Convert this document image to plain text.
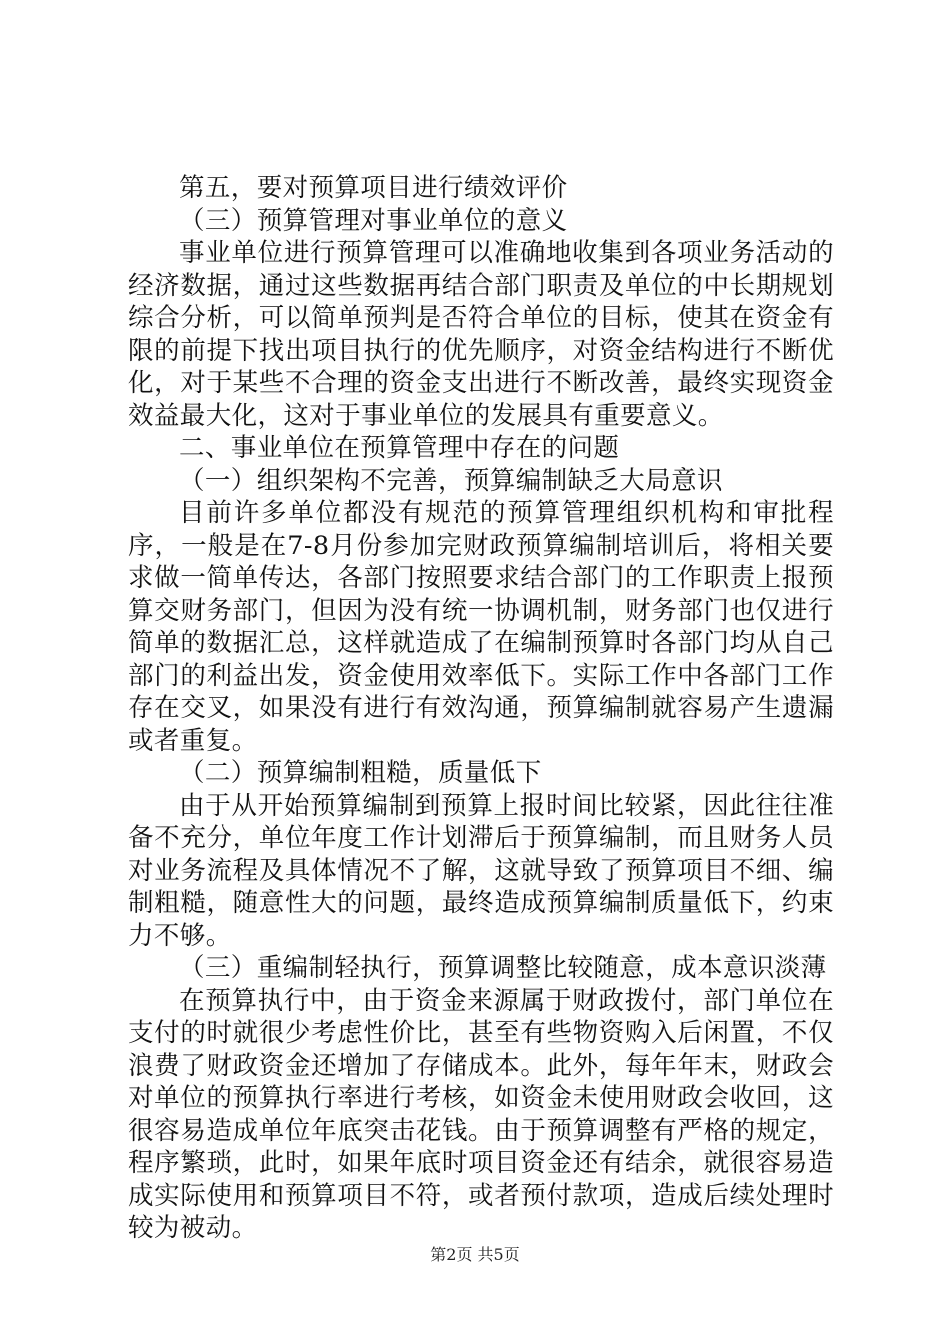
第五，要对预算项目进行绩效评价

（三）预算管理对事业单位的意义

事业单位进行预算管理可以准确地收集到各项业务活动的经济数据，通过这些数据再结合部门职责及单位的中长期规划综合分析，可以简单预判是否符合单位的目标，使其在资金有限的前提下找出项目执行的优先顺序，对资金结构进行不断优化，对于某些不合理的资金支出进行不断改善，最终实现资金效益最大化，这对于事业单位的发展具有重要意义。

二、事业单位在预算管理中存在的问题

（一）组织架构不完善，预算编制缺乏大局意识

目前许多单位都没有规范的预算管理组织机构和审批程序，一般是在7-8月份参加完财政预算编制培训后，将相关要求做一简单传达，各部门按照要求结合部门的工作职责上报预算交财务部门，但因为没有统一协调机制，财务部门也仅进行简单的数据汇总，这样就造成了在编制预算时各部门均从自己部门的利益出发，资金使用效率低下。实际工作中各部门工作存在交叉，如果没有进行有效沟通，预算编制就容易产生遗漏或者重复。

（二）预算编制粗糙，质量低下

由于从开始预算编制到预算上报时间比较紧，因此往往准备不充分，单位年度工作计划滞后于预算编制，而且财务人员对业务流程及具体情况不了解，这就导致了预算项目不细、编制粗糙，随意性大的问题，最终造成预算编制质量低下，约束力不够。

（三）重编制轻执行，预算调整比较随意，成本意识淡薄

在预算执行中，由于资金来源属于财政拨付，部门单位在支付的时就很少考虑性价比，甚至有些物资购入后闲置，不仅浪费了财政资金还增加了存储成本。此外，每年年末，财政会对单位的预算执行率进行考核，如资金未使用财政会收回，这很容易造成单位年底突击花钱。由于预算调整有严格的规定，程序繁琐，此时，如果年底时项目资金还有结余，就很容易造成实际使用和预算项目不符，或者预付款项，造成后续处理时较为被动。

第2页 共5页
